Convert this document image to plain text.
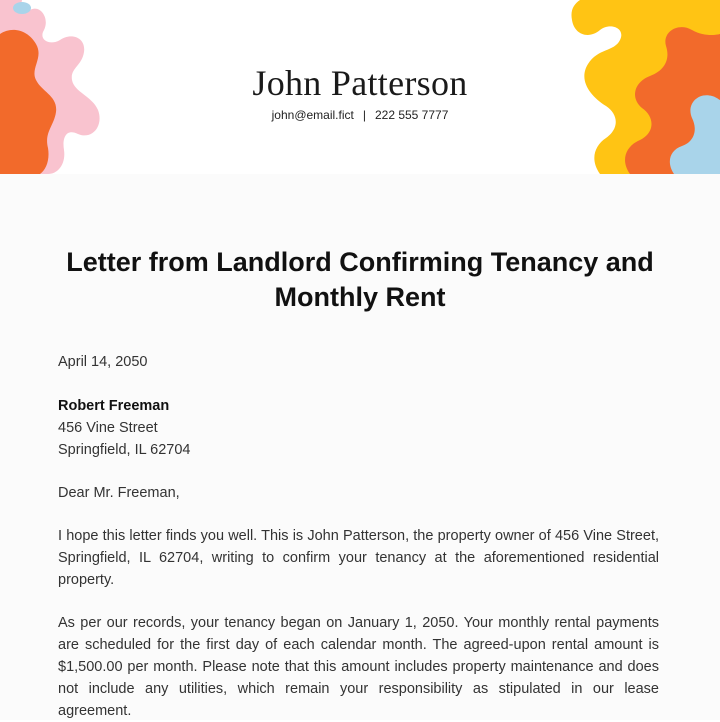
John Patterson
john@email.fict | 222 555 7777
Letter from Landlord Confirming Tenancy and Monthly Rent
April 14, 2050
Robert Freeman
456 Vine Street
Springfield, IL 62704
Dear Mr. Freeman,

I hope this letter finds you well. This is John Patterson, the property owner of 456 Vine Street, Springfield, IL 62704, writing to confirm your tenancy at the aforementioned residential property.

As per our records, your tenancy began on January 1, 2050. Your monthly rental payments are scheduled for the first day of each calendar month. The agreed-upon rental amount is $1,500.00 per month. Please note that this amount includes property maintenance and does not include any utilities, which remain your responsibility as stipulated in our lease agreement.
